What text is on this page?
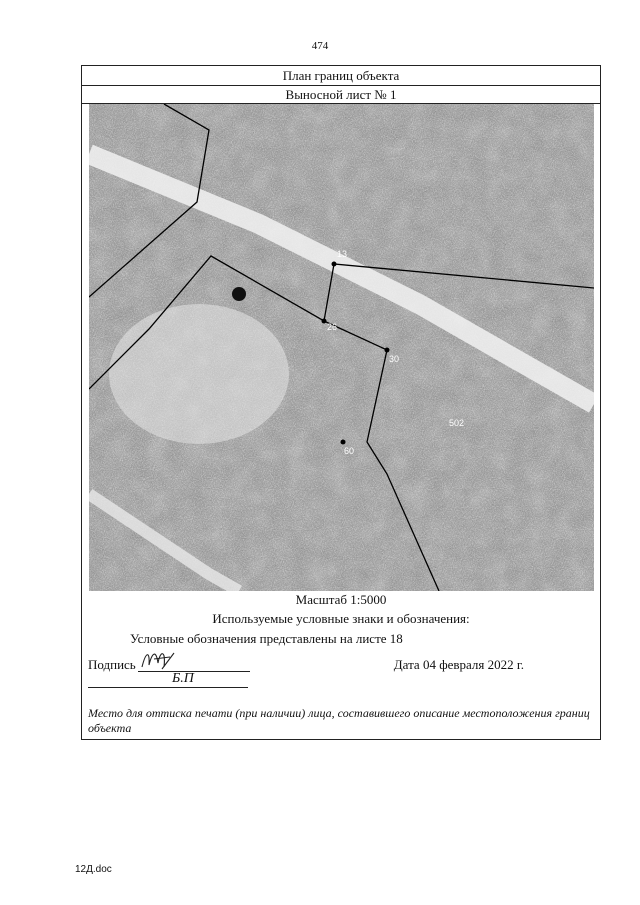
474
План границ объекта
Выносной лист № 1
13
26
30
60
502
Масштаб 1:5000
Используемые условные знаки и обозначения:
Условные обозначения представлены на листе 18
Подпись	Дата 04 февраля 2022 г.
Б.П
Место для оттиска печати (при наличии) лица, составившего описание местоположения границ объекта
12Д.doc
